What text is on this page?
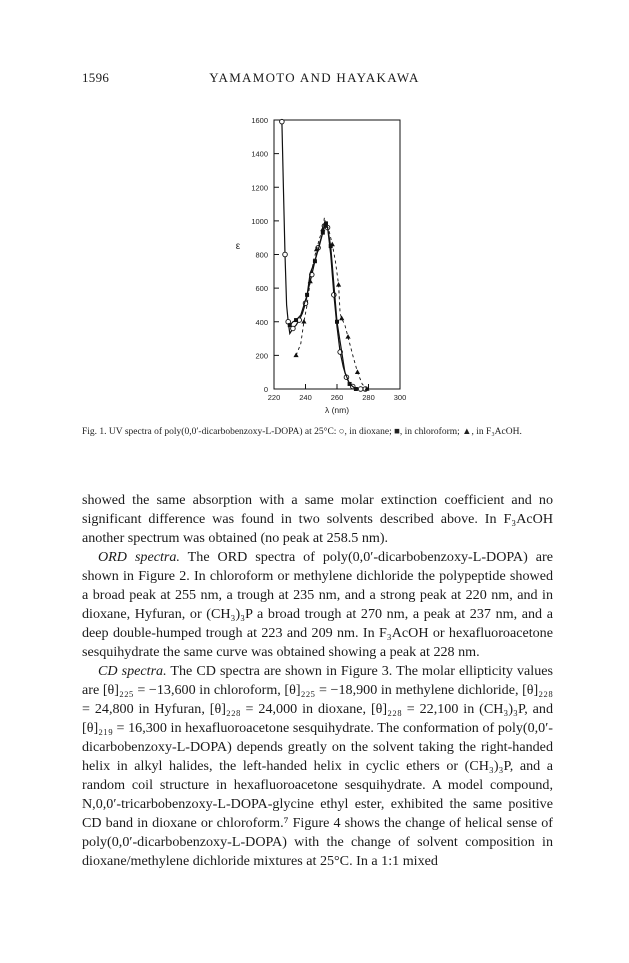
1596	YAMAMOTO AND HAYAKAWA
0
200
400
600
800
1000
1200
1400
1600
220	240	260	280	300
λ (nm)
ε
Fig. 1. UV spectra of poly(0,0′-dicarbobenzoxy-L-DOPA) at 25°C: ○, in dioxane; ■, in chloroform; ▲, in F₃AcOH.

showed the same absorption with a same molar extinction coefficient and no significant difference was found in two solvents described above. In F₃AcOH another spectrum was obtained (no peak at 258.5 nm).

ORD spectra. The ORD spectra of poly(0,0′-dicarbobenzoxy-L-DOPA) are shown in Figure 2. In chloroform or methylene dichloride the polypeptide showed a broad peak at 255 nm, a trough at 235 nm, and a strong peak at 220 nm, and in dioxane, Hyfuran, or (CH₃)₃P a broad trough at 270 nm, a peak at 237 nm, and a deep double-humped trough at 223 and 209 nm. In F₃AcOH or hexafluoroacetone sesquihydrate the same curve was obtained showing a peak at 228 nm.

CD spectra. The CD spectra are shown in Figure 3. The molar ellipticity values are [θ]₂₂₅ = −13,600 in chloroform, [θ]₂₂₅ = −18,900 in methylene dichloride, [θ]₂₂₈ = 24,800 in Hyfuran, [θ]₂₂₈ = 24,000 in dioxane, [θ]₂₂₈ = 22,100 in (CH₃)₃P, and [θ]₂₁₉ = 16,300 in hexafluoroacetone sesquihydrate. The conformation of poly(0,0′-dicarbobenzoxy-L-DOPA) depends greatly on the solvent taking the right-handed helix in alkyl halides, the left-handed helix in cyclic ethers or (CH₃)₃P, and a random coil structure in hexafluoroacetone sesquihydrate. A model compound, N,0,0′-tricarbobenzoxy-L-DOPA-glycine ethyl ester, exhibited the same positive CD band in dioxane or chloroform.⁷ Figure 4 shows the change of helical sense of poly(0,0′-dicarbobenzoxy-L-DOPA) with the change of solvent composition in dioxane/methylene dichloride mixtures at 25°C. In a 1:1 mixed
